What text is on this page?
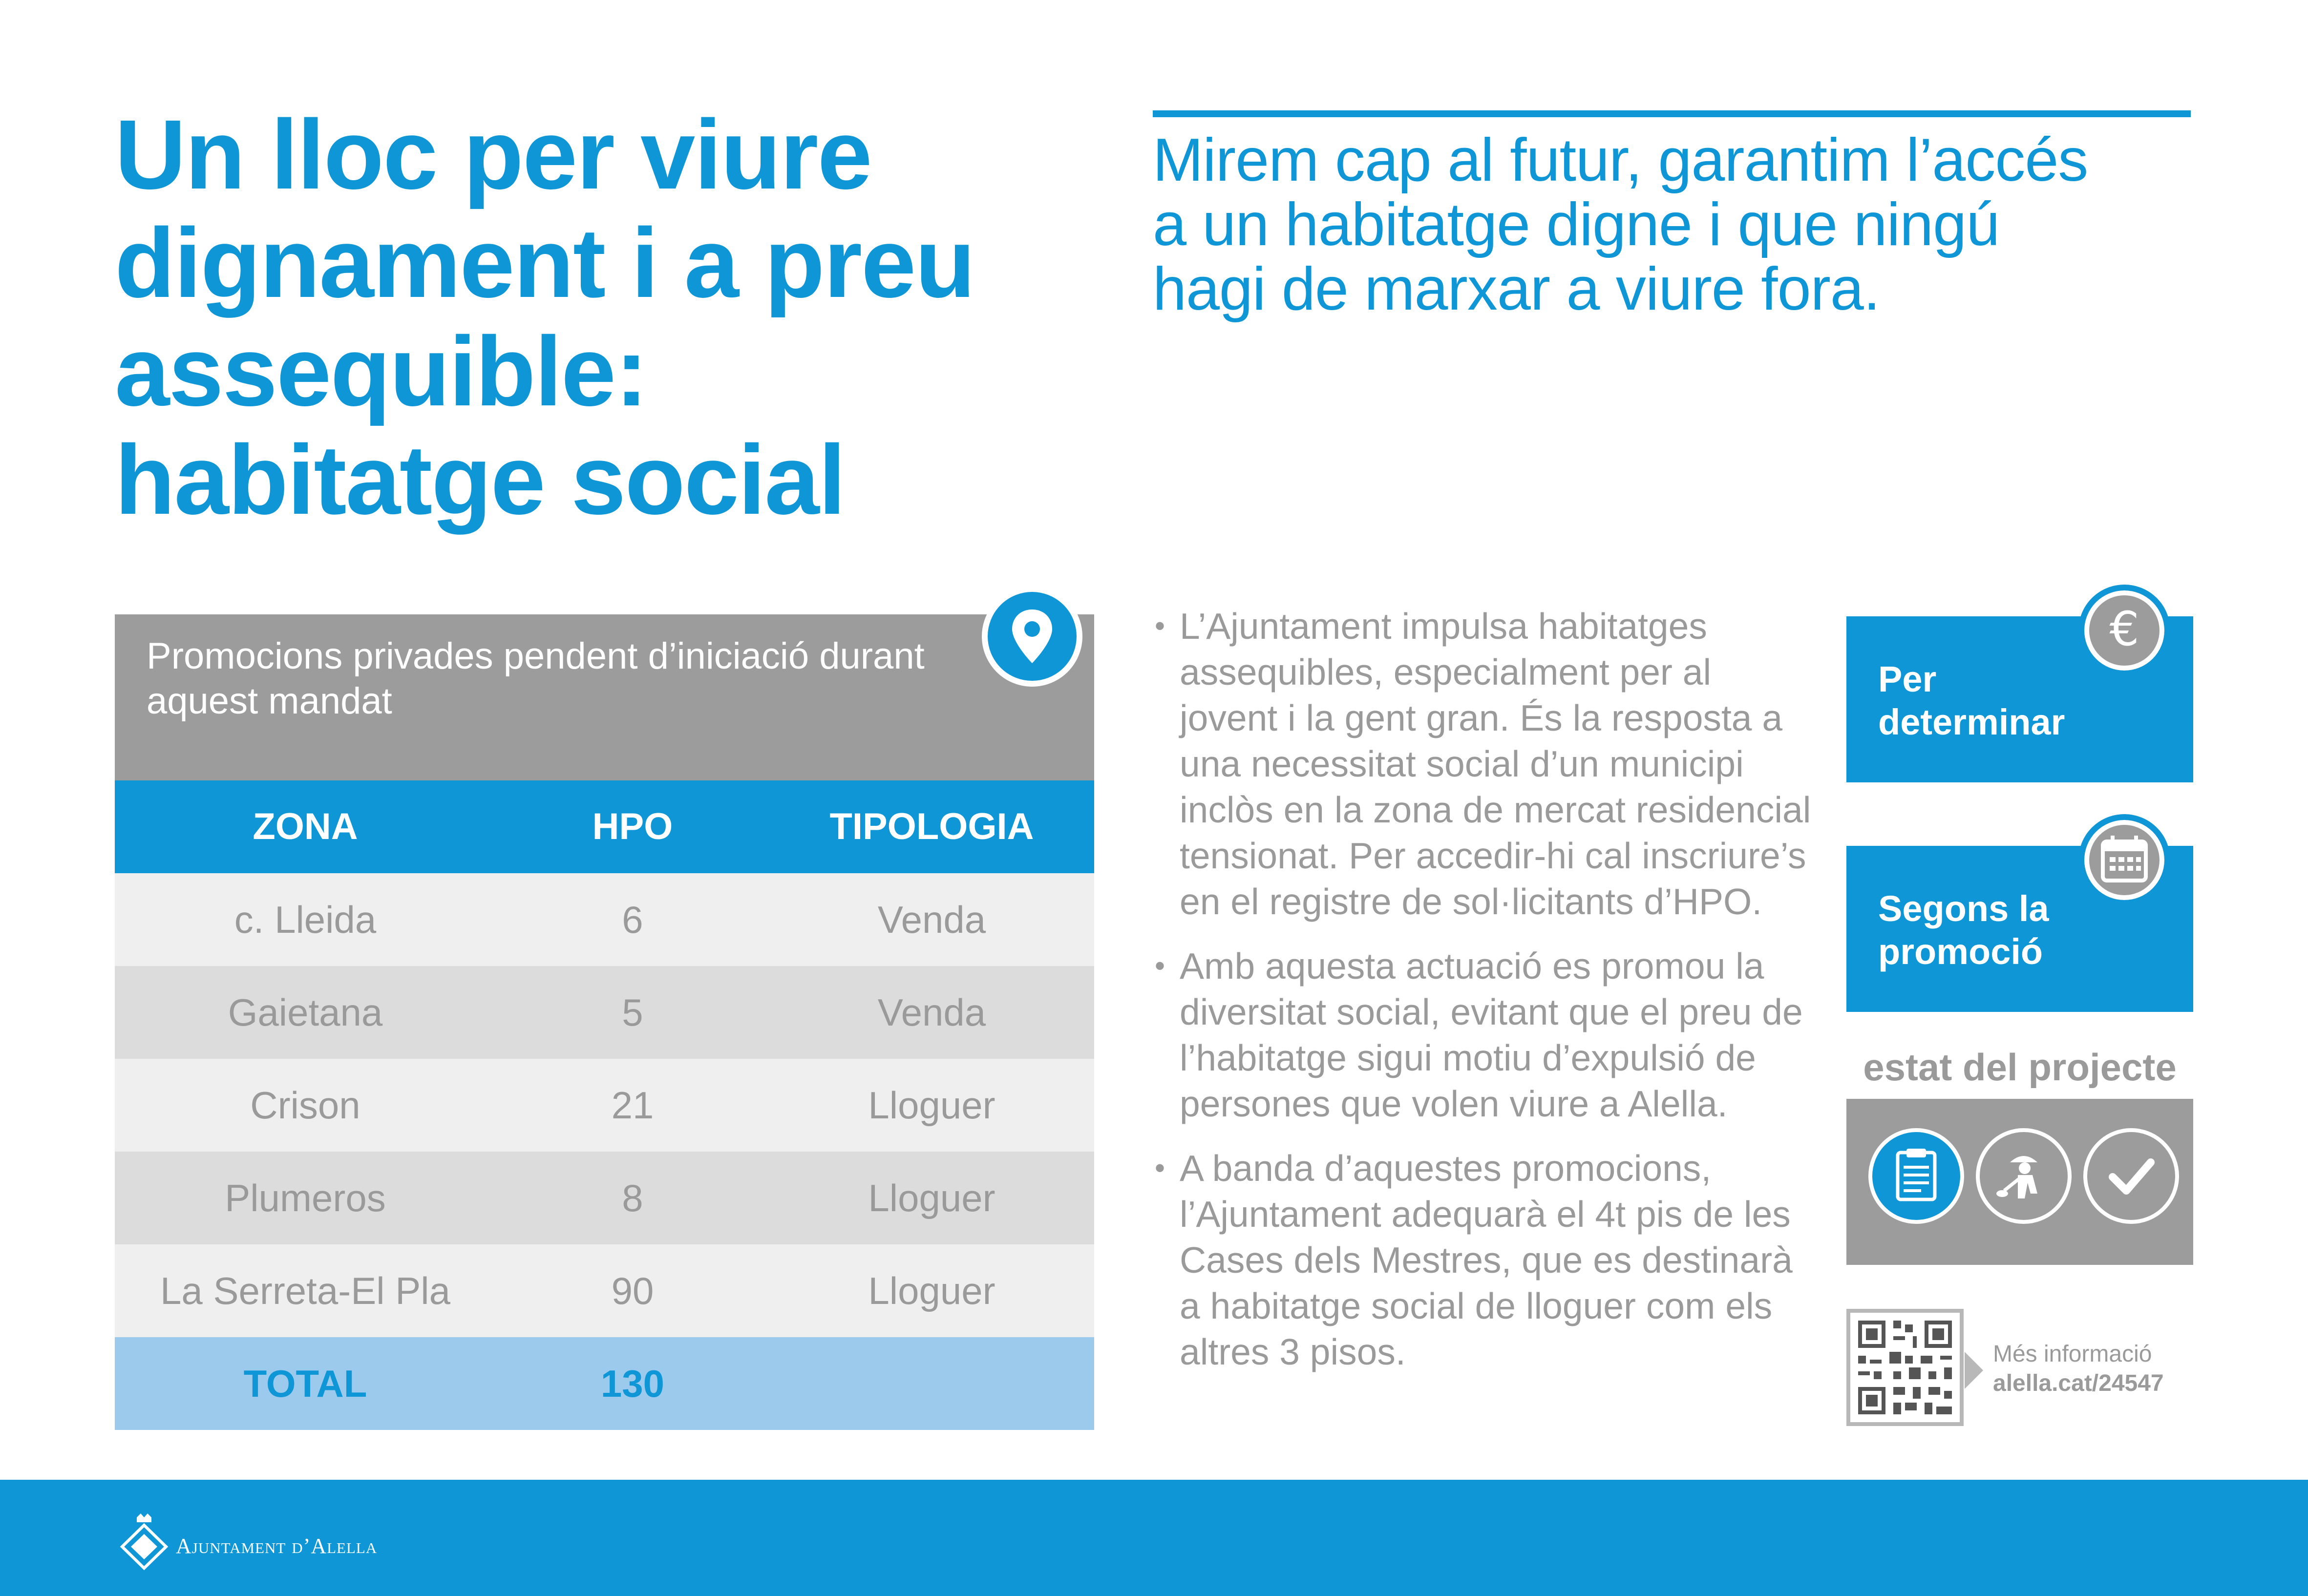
Un lloc per viure dignament i a preu assequible: habitatge social

Mirem cap al futur, garantim l’accés a un habitatge digne i que ningú hagi de marxar a viure fora.

Promocions privades pendent d’iniciació durant aquest mandat
ZONA	HPO	TIPOLOGIA
c. Lleida	6	Venda
Gaietana	5	Venda
Crison	21	Lloguer
Plumeros	8	Lloguer
La Serreta-El Pla	90	Lloguer
TOTAL	130
• L’Ajuntament impulsa habitatges assequibles, especialment per al jovent i la gent gran. És la resposta a una necessitat social d’un municipi inclòs en la zona de mercat residencial tensionat. Per accedir-hi cal inscriure’s en el registre de sol·licitants d’HPO.
• Amb aquesta actuació es promou la diversitat social, evitant que el preu de l’habitatge sigui motiu d’expulsió de persones que volen viure a Alella.
• A banda d’aquestes promocions, l’Ajuntament adequarà el 4t pis de les Cases dels Mestres, que es destinarà a habitatge social de lloguer com els altres 3 pisos.
Per determinar
€
Segons la promoció
estat del projecte
Més informació
alella.cat/24547
Ajuntament d’Alella
